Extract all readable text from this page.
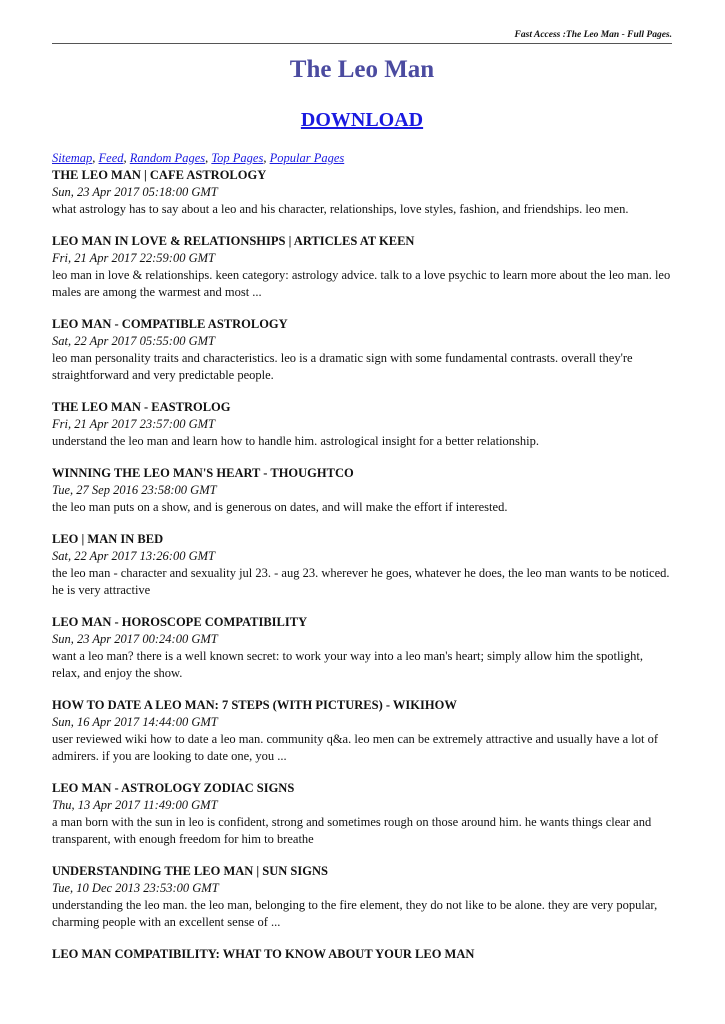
Fast Access :The Leo Man - Full Pages.
The Leo Man
DOWNLOAD
Sitemap, Feed, Random Pages, Top Pages, Popular Pages
THE LEO MAN | CAFE ASTROLOGY
Sun, 23 Apr 2017 05:18:00 GMT
what astrology has to say about a leo and his character, relationships, love styles, fashion, and friendships. leo men.
LEO MAN IN LOVE & RELATIONSHIPS | ARTICLES AT KEEN
Fri, 21 Apr 2017 22:59:00 GMT
leo man in love & relationships. keen category: astrology advice. talk to a love psychic to learn more about the leo man. leo males are among the warmest and most ...
LEO MAN - COMPATIBLE ASTROLOGY
Sat, 22 Apr 2017 05:55:00 GMT
leo man personality traits and characteristics. leo is a dramatic sign with some fundamental contrasts. overall they're straightforward and very predictable people.
THE LEO MAN - EASTROLOG
Fri, 21 Apr 2017 23:57:00 GMT
understand the leo man and learn how to handle him. astrological insight for a better relationship.
WINNING THE LEO MAN'S HEART - THOUGHTCO
Tue, 27 Sep 2016 23:58:00 GMT
the leo man puts on a show, and is generous on dates, and will make the effort if interested.
LEO | MAN IN BED
Sat, 22 Apr 2017 13:26:00 GMT
the leo man - character and sexuality jul 23. - aug 23. wherever he goes, whatever he does, the leo man wants to be noticed. he is very attractive
LEO MAN - HOROSCOPE COMPATIBILITY
Sun, 23 Apr 2017 00:24:00 GMT
want a leo man? there is a well known secret: to work your way into a leo man's heart; simply allow him the spotlight, relax, and enjoy the show.
HOW TO DATE A LEO MAN: 7 STEPS (WITH PICTURES) - WIKIHOW
Sun, 16 Apr 2017 14:44:00 GMT
user reviewed wiki how to date a leo man. community q&a. leo men can be extremely attractive and usually have a lot of admirers. if you are looking to date one, you ...
LEO MAN - ASTROLOGY ZODIAC SIGNS
Thu, 13 Apr 2017 11:49:00 GMT
a man born with the sun in leo is confident, strong and sometimes rough on those around him. he wants things clear and transparent, with enough freedom for him to breathe
UNDERSTANDING THE LEO MAN | SUN SIGNS
Tue, 10 Dec 2013 23:53:00 GMT
understanding the leo man. the leo man, belonging to the fire element, they do not like to be alone. they are very popular, charming people with an excellent sense of ...
LEO MAN COMPATIBILITY: WHAT TO KNOW ABOUT YOUR LEO MAN
